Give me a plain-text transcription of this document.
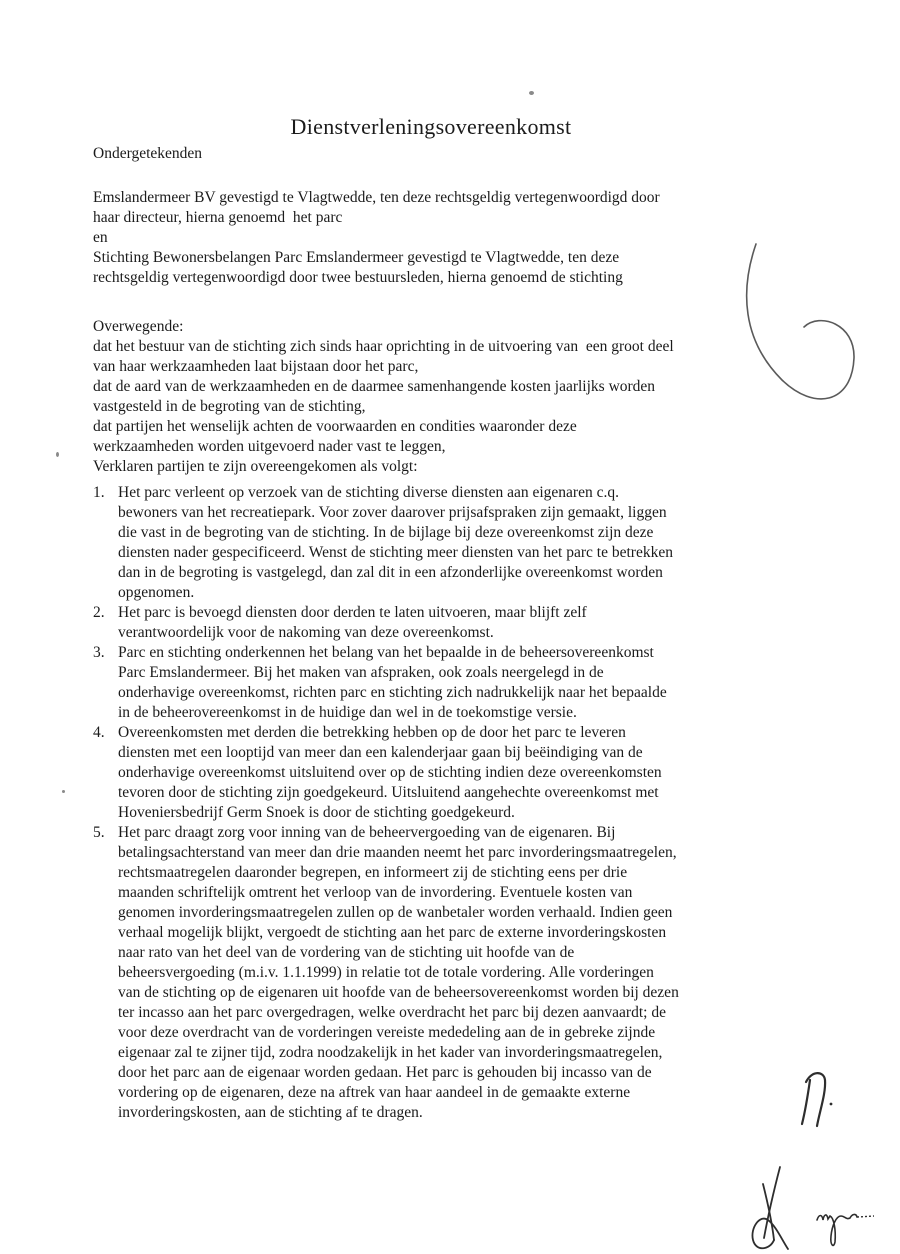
Dienstverleningsovereenkomst
Ondergetekenden
Emslandermeer BV gevestigd te Vlagtwedde, ten deze rechtsgeldig vertegenwoordigd door
haar directeur, hierna genoemd  het parc
en
Stichting Bewonersbelangen Parc Emslandermeer gevestigd te Vlagtwedde, ten deze
rechtsgeldig vertegenwoordigd door twee bestuursleden, hierna genoemd de stichting
Overwegende:
dat het bestuur van de stichting zich sinds haar oprichting in de uitvoering van  een groot deel
van haar werkzaamheden laat bijstaan door het parc,
dat de aard van de werkzaamheden en de daarmee samenhangende kosten jaarlijks worden
vastgesteld in de begroting van de stichting,
dat partijen het wenselijk achten de voorwaarden en condities waaronder deze
werkzaamheden worden uitgevoerd nader vast te leggen,
Verklaren partijen te zijn overeengekomen als volgt:
1. Het parc verleent op verzoek van de stichting diverse diensten aan eigenaren c.q.
bewoners van het recreatiepark. Voor zover daarover prijsafspraken zijn gemaakt, liggen
die vast in de begroting van de stichting. In de bijlage bij deze overeenkomst zijn deze
diensten nader gespecificeerd. Wenst de stichting meer diensten van het parc te betrekken
dan in de begroting is vastgelegd, dan zal dit in een afzonderlijke overeenkomst worden
opgenomen.
2. Het parc is bevoegd diensten door derden te laten uitvoeren, maar blijft zelf
verantwoordelijk voor de nakoming van deze overeenkomst.
3. Parc en stichting onderkennen het belang van het bepaalde in de beheersovereenkomst
Parc Emslandermeer. Bij het maken van afspraken, ook zoals neergelegd in de
onderhavige overeenkomst, richten parc en stichting zich nadrukkelijk naar het bepaalde
in de beheerovereenkomst in de huidige dan wel in de toekomstige versie.
4. Overeenkomsten met derden die betrekking hebben op de door het parc te leveren
diensten met een looptijd van meer dan een kalenderjaar gaan bij beëindiging van de
onderhavige overeenkomst uitsluitend over op de stichting indien deze overeenkomsten
tevoren door de stichting zijn goedgekeurd. Uitsluitend aangehechte overeenkomst met
Hoveniersbedrijf Germ Snoek is door de stichting goedgekeurd.
5. Het parc draagt zorg voor inning van de beheervergoeding van de eigenaren. Bij
betalingsachterstand van meer dan drie maanden neemt het parc invorderingsmaatregelen,
rechtsmaatregelen daaronder begrepen, en informeert zij de stichting eens per drie
maanden schriftelijk omtrent het verloop van de invordering. Eventuele kosten van
genomen invorderingsmaatregelen zullen op de wanbetaler worden verhaald. Indien geen
verhaal mogelijk blijkt, vergoedt de stichting aan het parc de externe invorderingskosten
naar rato van het deel van de vordering van de stichting uit hoofde van de
beheersvergoeding (m.i.v. 1.1.1999) in relatie tot de totale vordering. Alle vorderingen
van de stichting op de eigenaren uit hoofde van de beheersovereenkomst worden bij dezen
ter incasso aan het parc overgedragen, welke overdracht het parc bij dezen aanvaardt; de
voor deze overdracht van de vorderingen vereiste mededeling aan de in gebreke zijnde
eigenaar zal te zijner tijd, zodra noodzakelijk in het kader van invorderingsmaatregelen,
door het parc aan de eigenaar worden gedaan. Het parc is gehouden bij incasso van de
vordering op de eigenaren, deze na aftrek van haar aandeel in de gemaakte externe
invorderingskosten, aan de stichting af te dragen.
